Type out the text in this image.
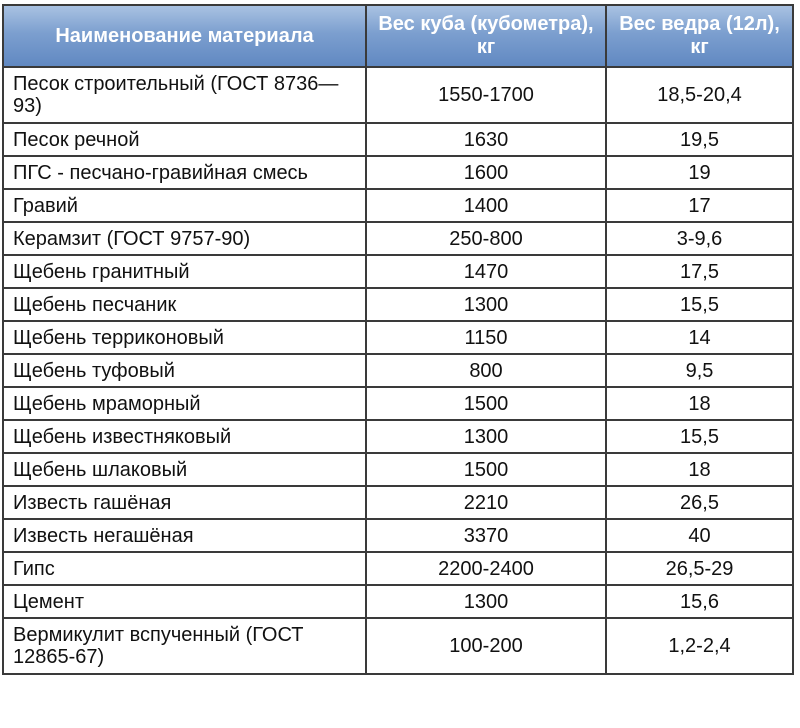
Наименование материала	Вес куба (кубометра), кг	Вес ведра (12л), кг
Песок строительный (ГОСТ 8736—93)	1550-1700	18,5-20,4
Песок речной	1630	19,5
ПГС - песчано-гравийная смесь	1600	19
Гравий	1400	17
Керамзит (ГОСТ 9757-90)	250-800	3-9,6
Щебень гранитный	1470	17,5
Щебень песчаник	1300	15,5
Щебень терриконовый	1150	14
Щебень туфовый	800	9,5
Щебень мраморный	1500	18
Щебень известняковый	1300	15,5
Щебень шлаковый	1500	18
Известь гашёная	2210	26,5
Известь негашёная	3370	40
Гипс	2200-2400	26,5-29
Цемент	1300	15,6
Вермикулит вспученный (ГОСТ 12865-67)	100-200	1,2-2,4
